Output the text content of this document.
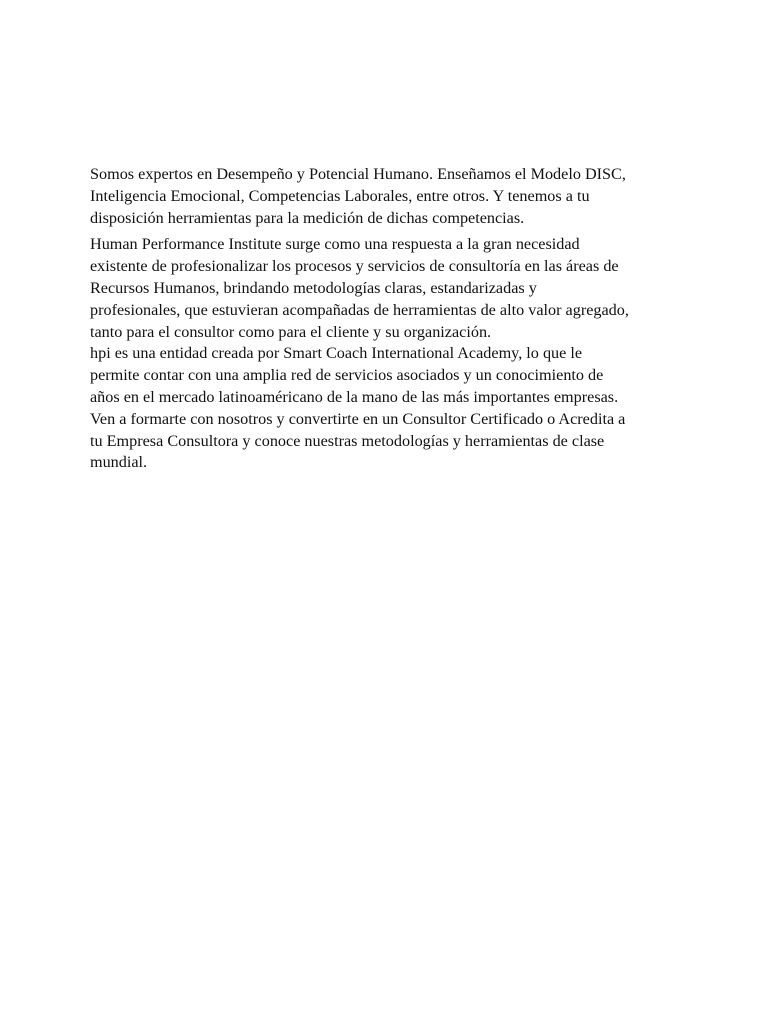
Somos expertos en Desempeño y Potencial Humano. Enseñamos el Modelo DISC,
Inteligencia Emocional, Competencias Laborales, entre otros. Y tenemos a tu
disposición herramientas para la medición de dichas competencias.

Human Performance Institute surge como una respuesta a la gran necesidad
existente de profesionalizar los procesos y servicios de consultoría en las áreas de
Recursos Humanos, brindando metodologías claras, estandarizadas y
profesionales, que estuvieran acompañadas de herramientas de alto valor agregado,
tanto para el consultor como para el cliente y su organización.
hpi es una entidad creada por Smart Coach International Academy, lo que le
permite contar con una amplia red de servicios asociados y un conocimiento de
años en el mercado latinoaméricano de la mano de las más importantes empresas.
Ven a formarte con nosotros y convertirte en un Consultor Certificado o Acredita a
tu Empresa Consultora y conoce nuestras metodologías y herramientas de clase
mundial.
